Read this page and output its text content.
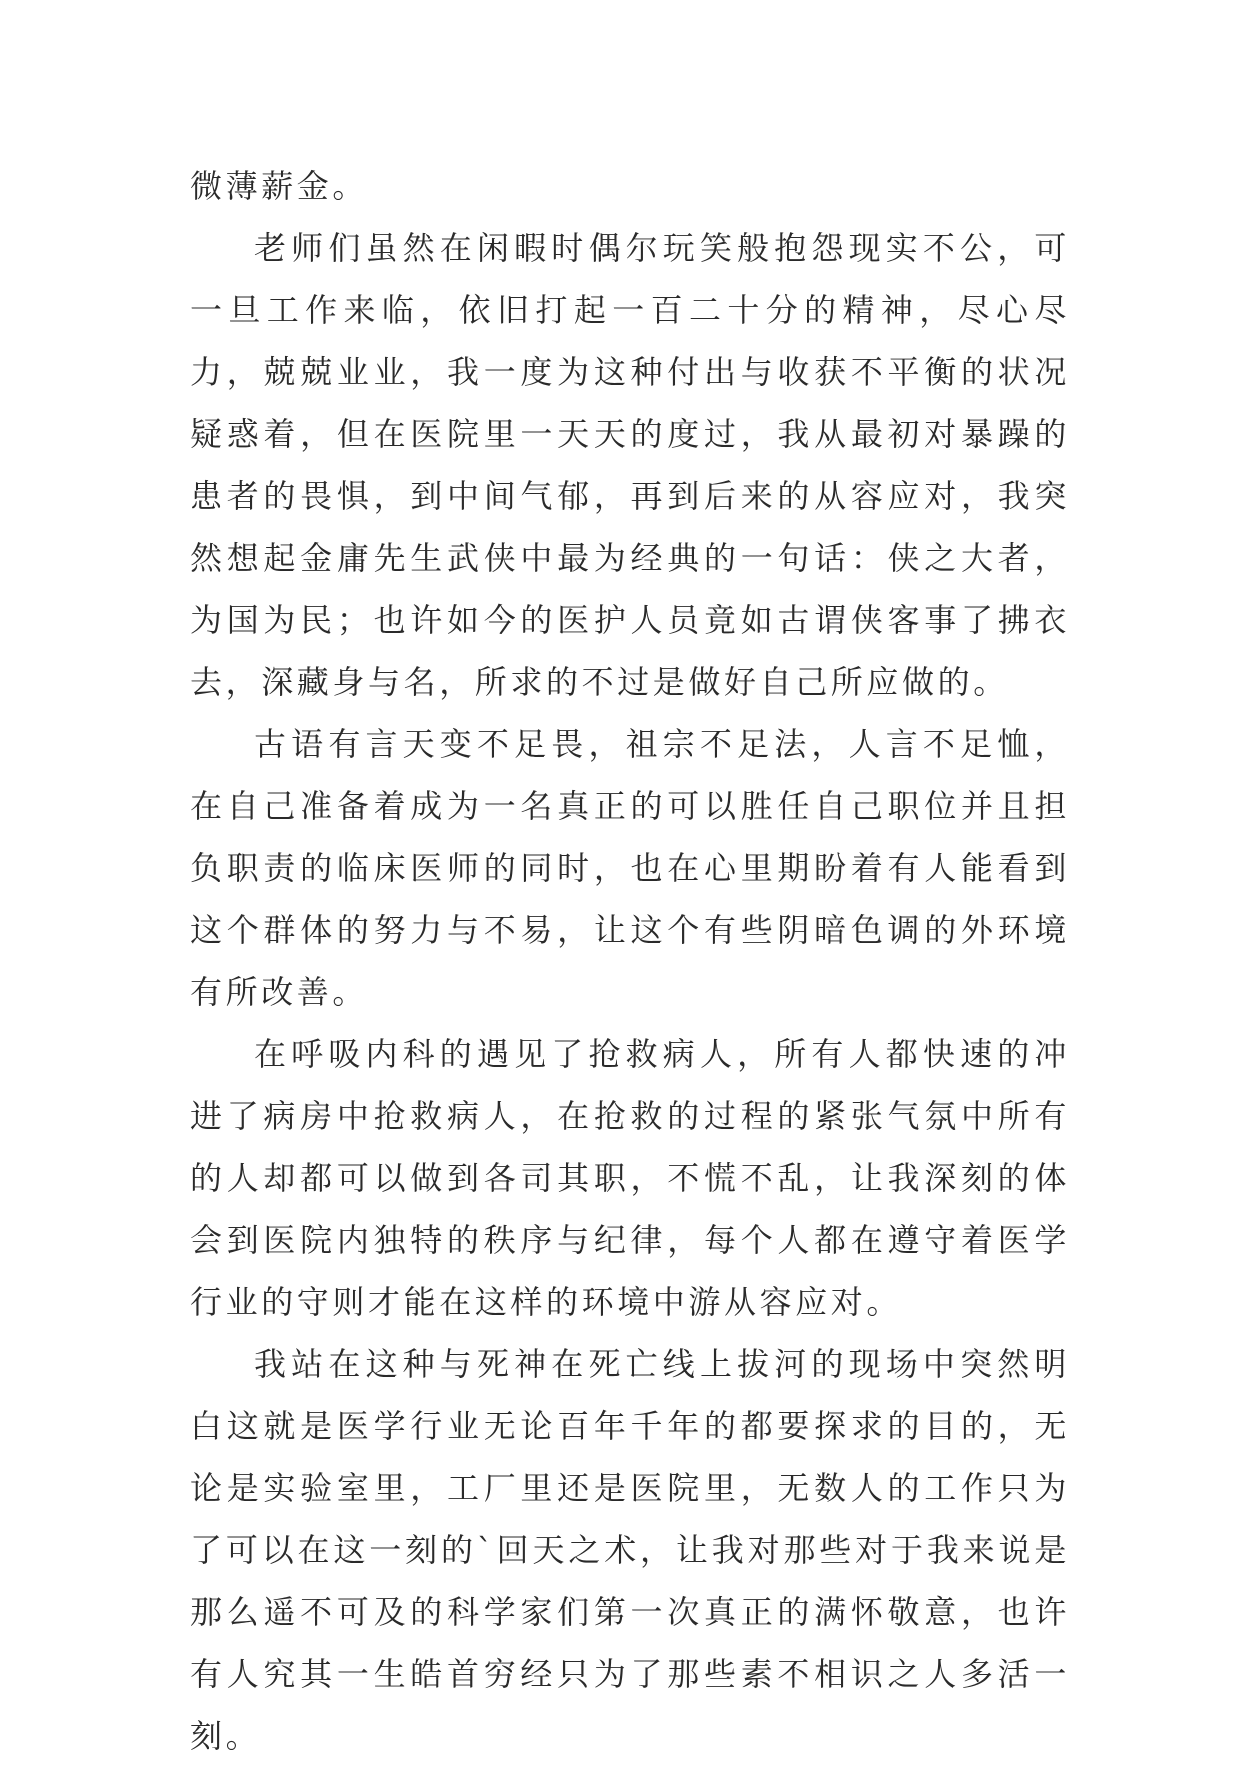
微薄薪金。

老师们虽然在闲暇时偶尔玩笑般抱怨现实不公，可一旦工作来临，依旧打起一百二十分的精神，尽心尽力，兢兢业业，我一度为这种付出与收获不平衡的状况疑惑着，但在医院里一天天的度过，我从最初对暴躁的患者的畏惧，到中间气郁，再到后来的从容应对，我突然想起金庸先生武侠中最为经典的一句话：侠之大者，为国为民；也许如今的医护人员竟如古谓侠客事了拂衣去，深藏身与名，所求的不过是做好自己所应做的。

古语有言天变不足畏，祖宗不足法，人言不足恤，在自己准备着成为一名真正的可以胜任自己职位并且担负职责的临床医师的同时，也在心里期盼着有人能看到这个群体的努力与不易，让这个有些阴暗色调的外环境有所改善。

在呼吸内科的遇见了抢救病人，所有人都快速的冲进了病房中抢救病人，在抢救的过程的紧张气氛中所有的人却都可以做到各司其职，不慌不乱，让我深刻的体会到医院内独特的秩序与纪律，每个人都在遵守着医学行业的守则才能在这样的环境中游从容应对。

我站在这种与死神在死亡线上拔河的现场中突然明白这就是医学行业无论百年千年的都要探求的目的，无论是实验室里，工厂里还是医院里，无数人的工作只为了可以在这一刻的`回天之术，让我对那些对于我来说是那么遥不可及的科学家们第一次真正的满怀敬意，也许有人究其一生皓首穷经只为了那些素不相识之人多活一刻。
